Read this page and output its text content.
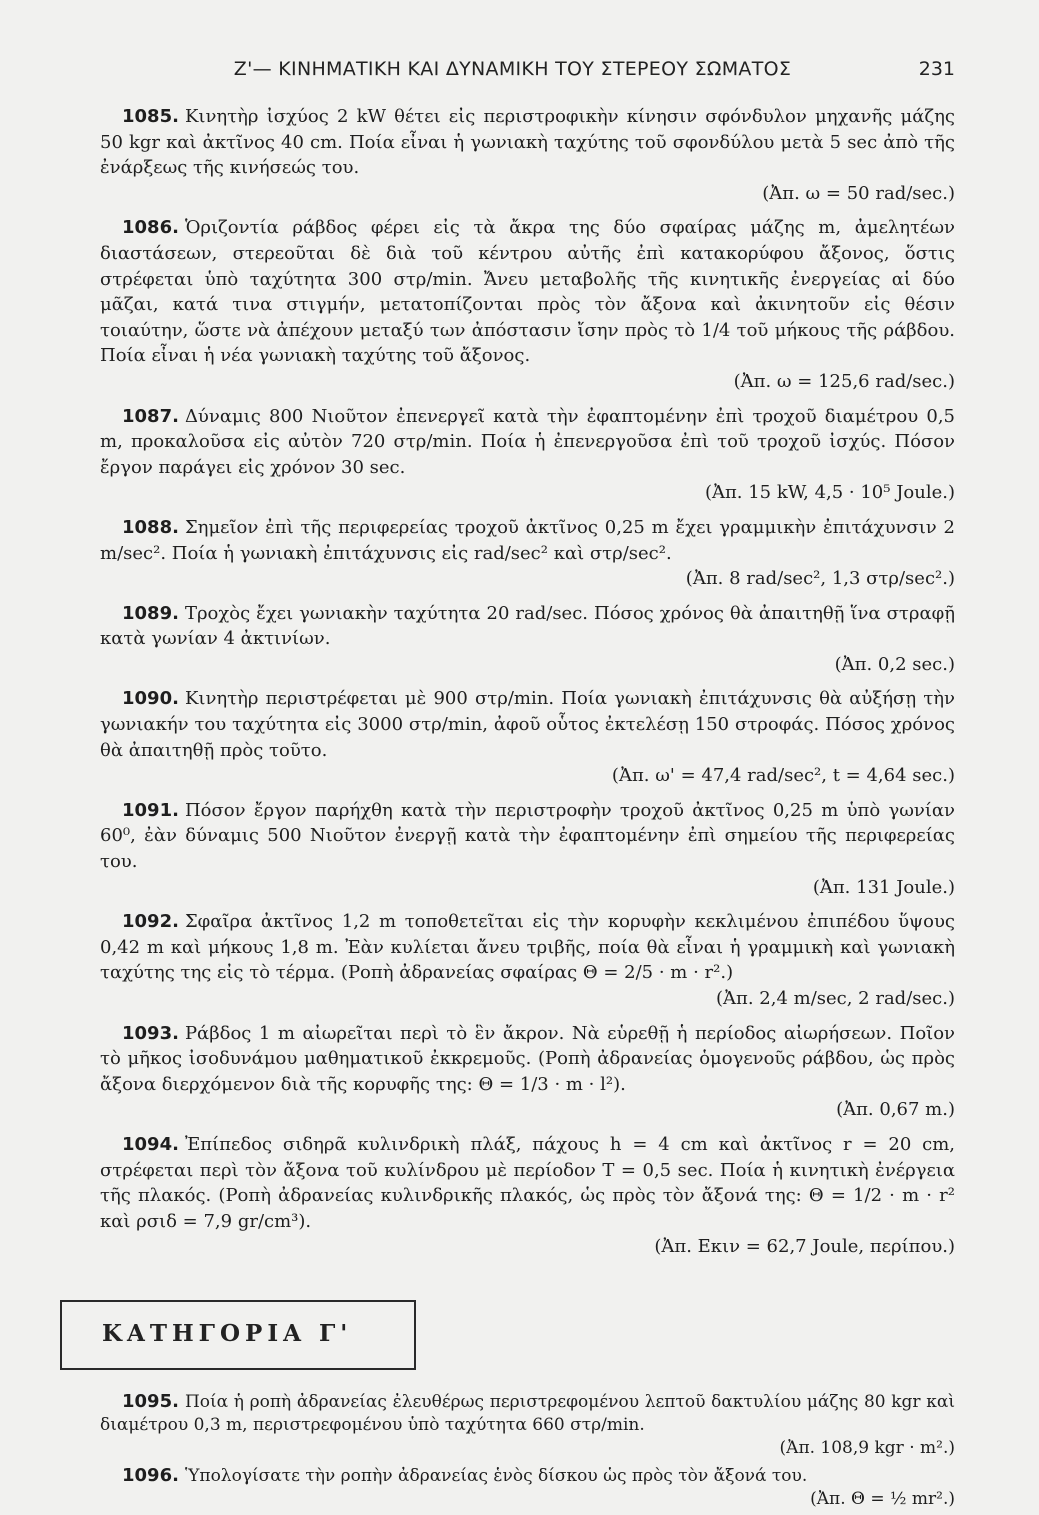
Ζ'— ΚΙΝΗΜΑΤΙΚΗ ΚΑΙ ΔΥΝΑΜΙΚΗ ΤΟΥ ΣΤΕΡΕΟΥ ΣΩΜΑΤΟΣ	231

1085. Κινητὴρ ἰσχύος 2 kW θέτει εἰς περιστροφικὴν κίνησιν σφόνδυλον μηχανῆς μάζης 50 kgr καὶ ἀκτῖνος 40 cm. Ποία εἶναι ἡ γωνιακὴ ταχύτης τοῦ σφονδύλου μετὰ 5 sec ἀπὸ τῆς ἐνάρξεως τῆς κινήσεώς του.
(Ἀπ. ω = 50 rad/sec.)

1086. Ὁριζοντία ράβδος φέρει εἰς τὰ ἄκρα της δύο σφαίρας μάζης m, ἀμελητέων διαστάσεων, στερεοῦται δὲ διὰ τοῦ κέντρου αὐτῆς ἐπὶ κατακορύφου ἄξονος, ὅστις στρέφεται ὑπὸ ταχύτητα 300 στρ/min. Ἄνευ μεταβολῆς τῆς κινητικῆς ἐνεργείας αἱ δύο μᾶζαι, κατά τινα στιγμήν, μετατοπίζονται πρὸς τὸν ἄξονα καὶ ἀκινητοῦν εἰς θέσιν τοιαύτην, ὥστε νὰ ἀπέχουν μεταξύ των ἀπόστασιν ἴσην πρὸς τὸ 1/4 τοῦ μήκους τῆς ράβδου. Ποία εἶναι ἡ νέα γωνιακὴ ταχύτης τοῦ ἄξονος.
(Ἀπ. ω = 125,6 rad/sec.)

1087. Δύναμις 800 Νιοῦτον ἐπενεργεῖ κατὰ τὴν ἐφαπτομένην ἐπὶ τροχοῦ διαμέτρου 0,5 m, προκαλοῦσα εἰς αὐτὸν 720 στρ/min. Ποία ἡ ἐπενεργοῦσα ἐπὶ τοῦ τροχοῦ ἰσχύς. Πόσον ἔργον παράγει εἰς χρόνον 30 sec.
(Ἀπ. 15 kW, 4,5 · 10⁵ Joule.)

1088. Σημεῖον ἐπὶ τῆς περιφερείας τροχοῦ ἀκτῖνος 0,25 m ἔχει γραμμικὴν ἐπιτάχυνσιν 2 m/sec². Ποία ἡ γωνιακὴ ἐπιτάχυνσις εἰς rad/sec² καὶ στρ/sec².
(Ἀπ. 8 rad/sec², 1,3 στρ/sec².)

1089. Τροχὸς ἔχει γωνιακὴν ταχύτητα 20 rad/sec. Πόσος χρόνος θὰ ἀπαιτηθῇ ἵνα στραφῇ κατὰ γωνίαν 4 ἀκτινίων.
(Ἀπ. 0,2 sec.)

1090. Κινητὴρ περιστρέφεται μὲ 900 στρ/min. Ποία γωνιακὴ ἐπιτάχυνσις θὰ αὐξήσῃ τὴν γωνιακήν του ταχύτητα εἰς 3000 στρ/min, ἀφοῦ οὗτος ἐκτελέσῃ 150 στροφάς. Πόσος χρόνος θὰ ἀπαιτηθῇ πρὸς τοῦτο.
(Ἀπ. ω' = 47,4 rad/sec², t = 4,64 sec.)

1091. Πόσον ἔργον παρήχθη κατὰ τὴν περιστροφὴν τροχοῦ ἀκτῖνος 0,25 m ὑπὸ γωνίαν 60⁰, ἐὰν δύναμις 500 Νιοῦτον ἐνεργῇ κατὰ τὴν ἐφαπτομένην ἐπὶ σημείου τῆς περιφερείας του.
(Ἀπ. 131 Joule.)

1092. Σφαῖρα ἀκτῖνος 1,2 m τοποθετεῖται εἰς τὴν κορυφὴν κεκλιμένου ἐπιπέδου ὕψους 0,42 m καὶ μήκους 1,8 m. Ἐὰν κυλίεται ἄνευ τριβῆς, ποία θὰ εἶναι ἡ γραμμικὴ καὶ γωνιακὴ ταχύτης της εἰς τὸ τέρμα. (Ροπὴ ἀδρανείας σφαίρας Θ = 2/5 · m · r².)
(Ἀπ. 2,4 m/sec, 2 rad/sec.)

1093. Ράβδος 1 m αἰωρεῖται περὶ τὸ ἓν ἄκρον. Νὰ εὑρεθῇ ἡ περίοδος αἰωρήσεων. Ποῖον τὸ μῆκος ἰσοδυνάμου μαθηματικοῦ ἐκκρεμοῦς. (Ροπὴ ἀδρανείας ὁμογενοῦς ράβδου, ὡς πρὸς ἄξονα διερχόμενον διὰ τῆς κορυφῆς της: Θ = 1/3 · m · l²).
(Ἀπ. 0,67 m.)

1094. Ἐπίπεδος σιδηρᾶ κυλινδρικὴ πλάξ, πάχους h = 4 cm καὶ ἀκτῖνος r = 20 cm, στρέφεται περὶ τὸν ἄξονα τοῦ κυλίνδρου μὲ περίοδον T = 0,5 sec. Ποία ἡ κινητικὴ ἐνέργεια τῆς πλακός. (Ροπὴ ἀδρανείας κυλινδρικῆς πλακός, ὡς πρὸς τὸν ἄξονά της: Θ = 1/2 · m · r² καὶ ρσιδ = 7,9 gr/cm³).
(Ἀπ. Eκιν = 62,7 Joule, περίπου.)

ΚΑΤΗΓΟΡΙΑ Γ'

1095. Ποία ἡ ροπὴ ἀδρανείας ἐλευθέρως περιστρεφομένου λεπτοῦ δακτυλίου μάζης 80 kgr καὶ διαμέτρου 0,3 m, περιστρεφομένου ὑπὸ ταχύτητα 660 στρ/min.
(Ἀπ. 108,9 kgr · m².)

1096. Ὑπολογίσατε τὴν ροπὴν ἀδρανείας ἑνὸς δίσκου ὡς πρὸς τὸν ἄξονά του.
(Ἀπ. Θ = ½ mr².)
